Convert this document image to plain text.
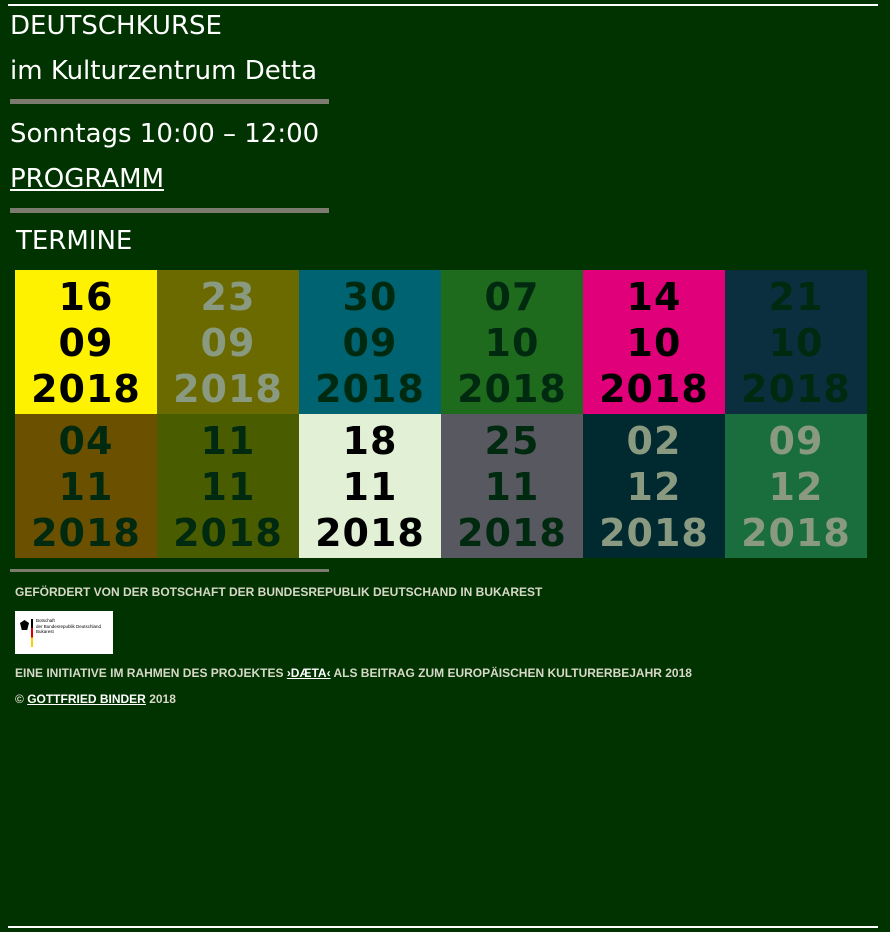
DEUTSCHKURSE
im Kulturzentrum Detta
Sonntags 10:00 – 12:00
PROGRAMM
TERMINE
16
09
2018
23
09
2018
30
09
2018
07
10
2018
14
10
2018
21
10
2018
04
11
2018
11
11
2018
18
11
2018
25
11
2018
02
12
2018
09
12
2018
GEFÖRDERT VON DER BOTSCHAFT DER BUNDESREPUBLIK DEUTSCHAND IN BUKAREST
Botschaft
der Bundesrepublik Deutschland
Bukarest
EINE INITIATIVE IM RAHMEN DES PROJEKTES ›DÆTA‹ ALS BEITRAG ZUM EUROPÄISCHEN KULTURERBEJAHR 2018
© GOTTFRIED BINDER 2018
